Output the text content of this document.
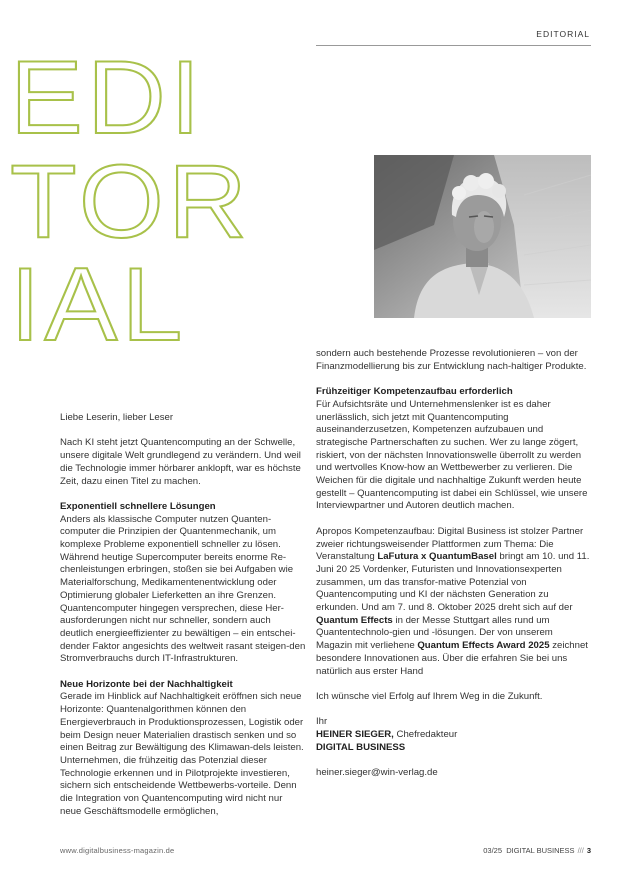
EDITORIAL
EDI
TOR
IAL

Liebe Leserin, lieber Leser

Nach KI steht jetzt Quantencomputing an der Schwelle, unsere digitale Welt grundlegend zu verändern. Und weil die Technologie immer hörbarer anklopft, war es höchste Zeit, dazu einen Titel zu machen.

Exponentiell schnellere Lösungen

Anders als klassische Computer nutzen Quanten-computer die Prinzipien der Quantenmechanik, um komplexe Probleme exponentiell schneller zu lösen. Während heutige Supercomputer bereits enorme Re-chenleistungen erbringen, stoßen sie bei Aufgaben wie Materialforschung, Medikamentenentwicklung oder Optimierung globaler Lieferketten an ihre Grenzen. Quantencomputer hingegen versprechen, diese Her-ausforderungen nicht nur schneller, sondern auch deutlich energieeffizienter zu bewältigen – ein entschei-dender Faktor angesichts des weltweit rasant steigen-den Stromverbrauchs durch IT-Infrastrukturen.

Neue Horizonte bei der Nachhaltigkeit

Gerade im Hinblick auf Nachhaltigkeit eröffnen sich neue Horizonte: Quantenalgorithmen können den Energieverbrauch in Produktionsprozessen, Logistik oder beim Design neuer Materialien drastisch senken und so einen Beitrag zur Bewältigung des Klimawan-dels leisten. Unternehmen, die frühzeitig das Potenzial dieser Technologie erkennen und in Pilotprojekte investieren, sichern sich entscheidende Wettbewerbs-vorteile. Denn die Integration von Quantencomputing wird nicht nur neue Geschäftsmodelle ermöglichen,

sondern auch bestehende Prozesse revolutionieren – von der Finanzmodellierung bis zur Entwicklung nach-haltiger Produkte.

Frühzeitiger Kompetenzaufbau erforderlich

Für Aufsichtsräte und Unternehmenslenker ist es daher unerlässlich, sich jetzt mit Quantencomputing auseinanderzusetzen, Kompetenzen aufzubauen und strategische Partnerschaften zu suchen. Wer zu lange zögert, riskiert, von der nächsten Innovationswelle überrollt zu werden und wertvolles Know-how an Wettbewerber zu verlieren. Die Weichen für die digitale und nachhaltige Zukunft werden heute gestellt – Quantencomputing ist dabei ein Schlüssel, wie unsere Interviewpartner und Autoren deutlich machen.

Apropos Kompetenzaufbau: Digital Business ist stolzer Partner zweier richtungsweisender Plattformen zum Thema: Die Veranstaltung LaFutura x QuantumBasel bringt am 10. und 11. Juni 20 25 Vordenker, Futuristen und Innovationsexperten zusammen, um das transfor-mative Potenzial von Quantencomputing und KI der nächsten Generation zu erkunden. Und am 7. und 8. Oktober 2025 dreht sich auf der Quantum Effects in der Messe Stuttgart alles rund um Quantentechnolo-gien und -lösungen. Der von unserem Magazin mit verliehene Quantum Effects Award 2025 zeichnet besondere Innovationen aus. Über die erfahren Sie bei uns natürlich aus erster Hand

Ich wünsche viel Erfolg auf Ihrem Weg in die Zukunft.

Ihr
HEINER SIEGER, Chefredakteur
DIGITAL BUSINESS

heiner.sieger@win-verlag.de

www.digitalbusiness-magazin.de	03/25 DIGITAL BUSINESS /// 3
